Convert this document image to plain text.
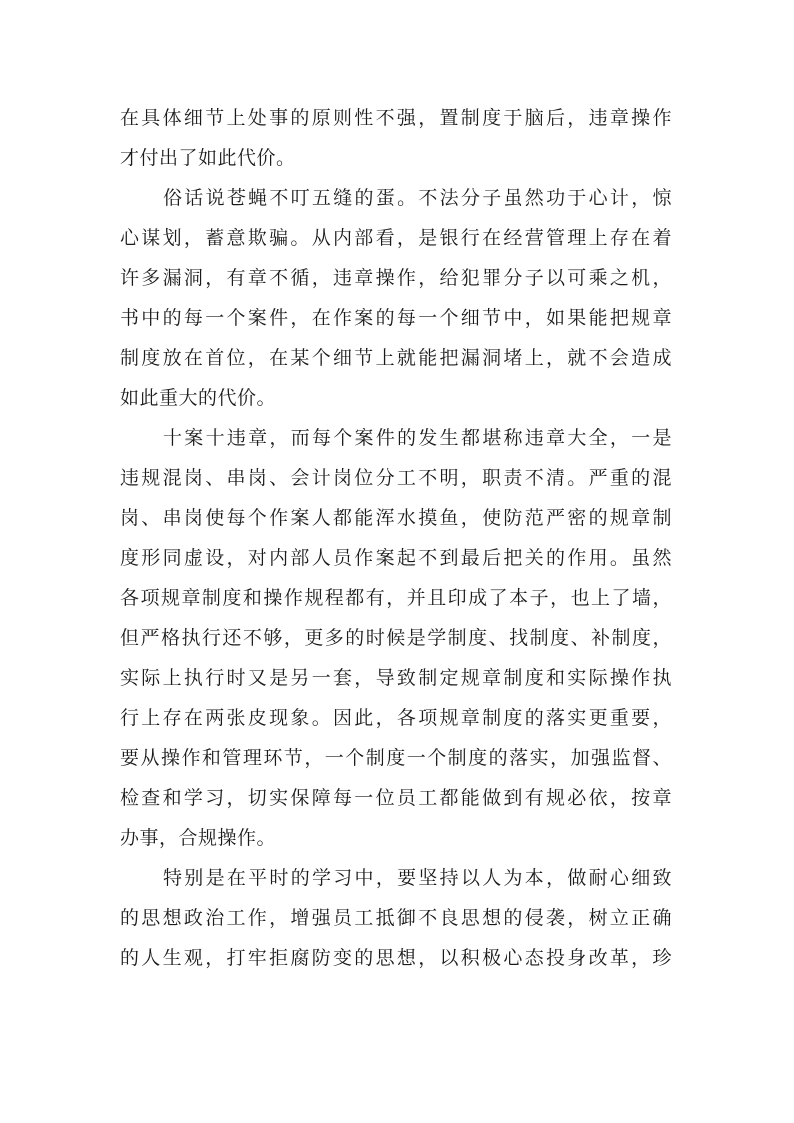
在具体细节上处事的原则性不强，置制度于脑后，违章操作
才付出了如此代价。
俗话说苍蝇不叮五缝的蛋。不法分子虽然功于心计，惊
心谋划，蓄意欺骗。从内部看，是银行在经营管理上存在着
许多漏洞，有章不循，违章操作，给犯罪分子以可乘之机，
书中的每一个案件，在作案的每一个细节中，如果能把规章
制度放在首位，在某个细节上就能把漏洞堵上，就不会造成
如此重大的代价。
十案十违章，而每个案件的发生都堪称违章大全，一是
违规混岗、串岗、会计岗位分工不明，职责不清。严重的混
岗、串岗使每个作案人都能浑水摸鱼，使防范严密的规章制
度形同虚设，对内部人员作案起不到最后把关的作用。虽然
各项规章制度和操作规程都有，并且印成了本子，也上了墙，
但严格执行还不够，更多的时候是学制度、找制度、补制度，
实际上执行时又是另一套，导致制定规章制度和实际操作执
行上存在两张皮现象。因此，各项规章制度的落实更重要，
要从操作和管理环节，一个制度一个制度的落实，加强监督、
检查和学习，切实保障每一位员工都能做到有规必依，按章
办事，合规操作。
特别是在平时的学习中，要坚持以人为本，做耐心细致
的思想政治工作，增强员工抵御不良思想的侵袭，树立正确
的人生观，打牢拒腐防变的思想，以积极心态投身改革，珍
